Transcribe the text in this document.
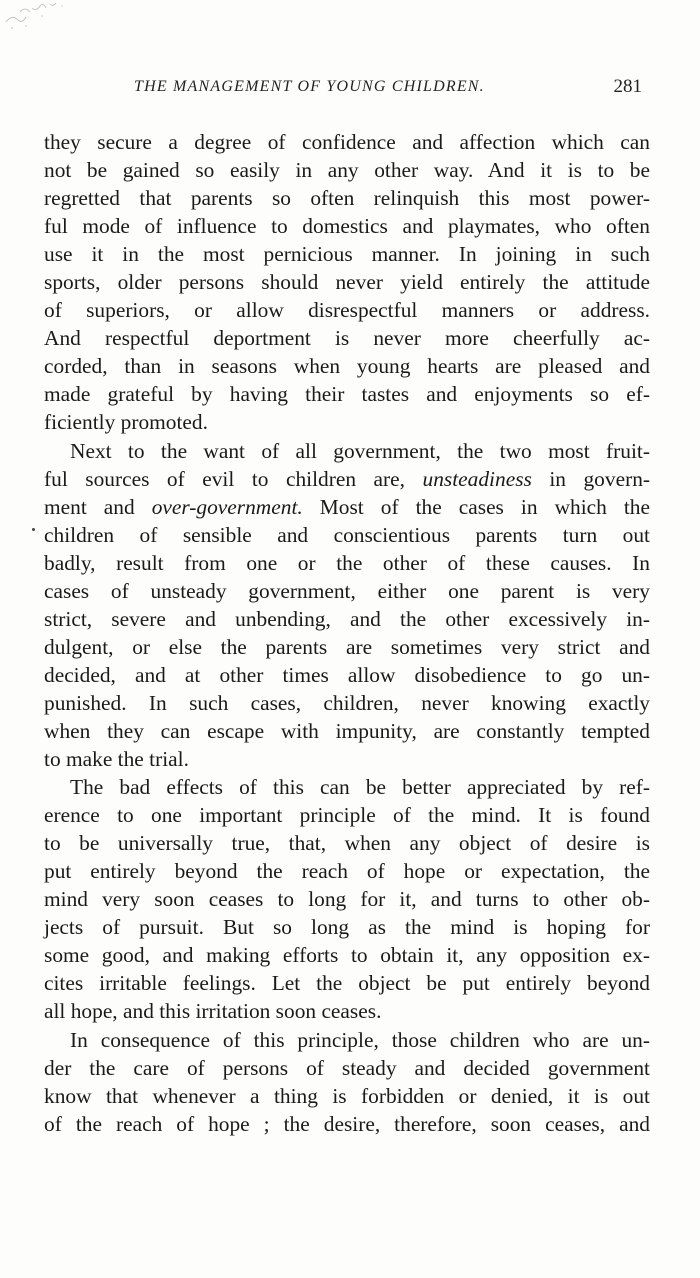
THE MANAGEMENT OF YOUNG CHILDREN.	281
they secure a degree of confidence and affection which can
not be gained so easily in any other way. And it is to be
regretted that parents so often relinquish this most power-
ful mode of influence to domestics and playmates, who often
use it in the most pernicious manner. In joining in such
sports, older persons should never yield entirely the attitude
of superiors, or allow disrespectful manners or address.
And respectful deportment is never more cheerfully ac-
corded, than in seasons when young hearts are pleased and
made grateful by having their tastes and enjoyments so ef-
ficiently promoted.
Next to the want of all government, the two most fruit-
ful sources of evil to children are, unsteadiness in govern-
ment and over-government. Most of the cases in which the
children of sensible and conscientious parents turn out
badly, result from one or the other of these causes. In
cases of unsteady government, either one parent is very
strict, severe and unbending, and the other excessively in-
dulgent, or else the parents are sometimes very strict and
decided, and at other times allow disobedience to go un-
punished. In such cases, children, never knowing exactly
when they can escape with impunity, are constantly tempted
to make the trial.
The bad effects of this can be better appreciated by ref-
erence to one important principle of the mind. It is found
to be universally true, that, when any object of desire is
put entirely beyond the reach of hope or expectation, the
mind very soon ceases to long for it, and turns to other ob-
jects of pursuit. But so long as the mind is hoping for
some good, and making efforts to obtain it, any opposition ex-
cites irritable feelings. Let the object be put entirely beyond
all hope, and this irritation soon ceases.
In consequence of this principle, those children who are un-
der the care of persons of steady and decided government
know that whenever a thing is forbidden or denied, it is out
of the reach of hope ; the desire, therefore, soon ceases, and
